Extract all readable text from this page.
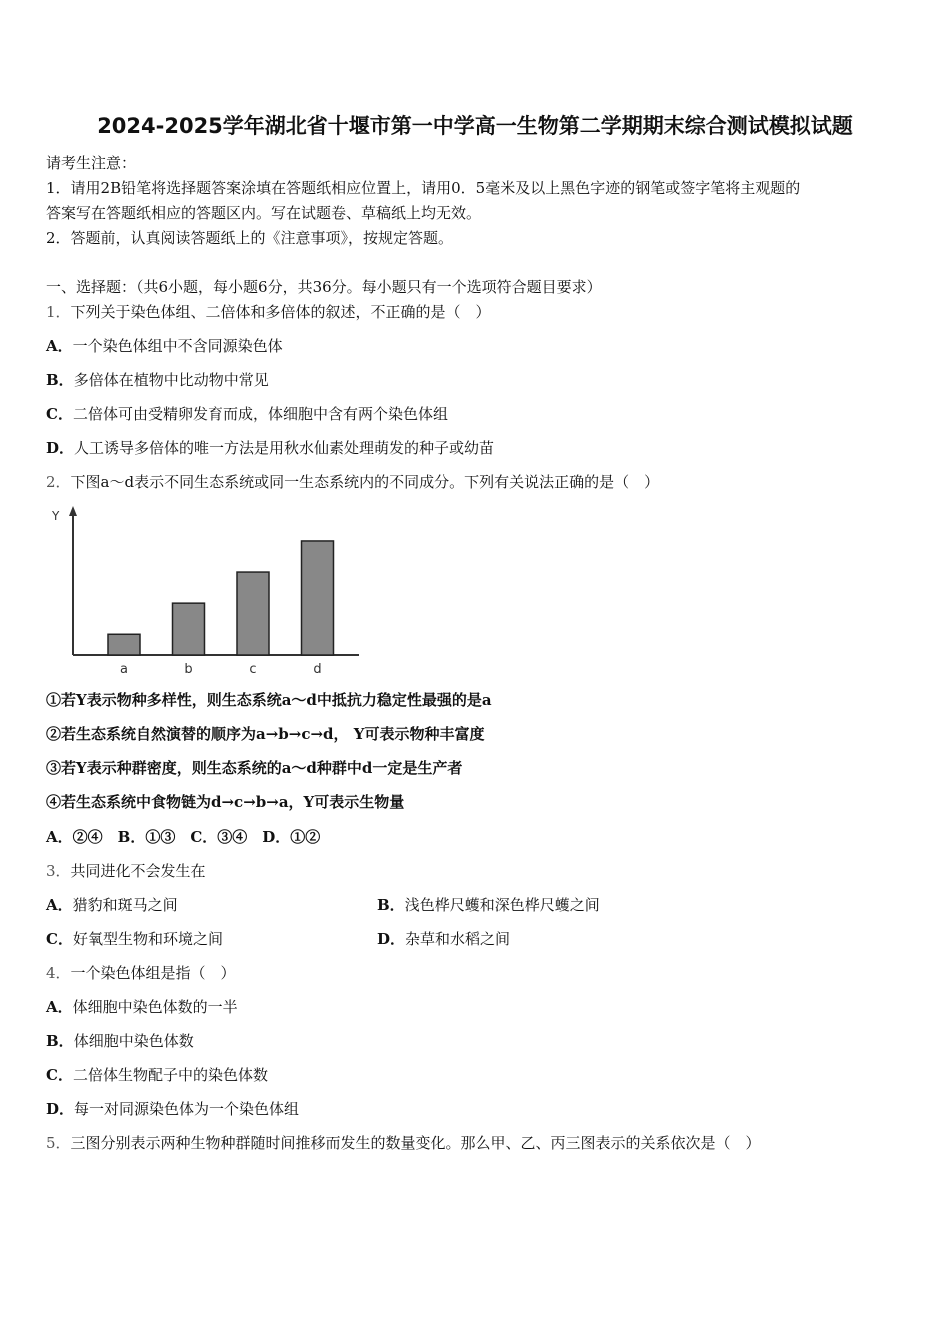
2024-2025学年湖北省十堰市第一中学高一生物第二学期期末综合测试模拟试题
请考生注意：
1．请用2B铅笔将选择题答案涂填在答题纸相应位置上，请用0．5毫米及以上黑色字迹的钢笔或签字笔将主观题的
答案写在答题纸相应的答题区内。写在试题卷、草稿纸上均无效。
2．答题前，认真阅读答题纸上的《注意事项》，按规定答题。
一、选择题：（共6小题，每小题6分，共36分。每小题只有一个选项符合题目要求）
1．下列关于染色体组、二倍体和多倍体的叙述，不正确的是（　）
A．一个染色体组中不含同源染色体
B．多倍体在植物中比动物中常见
C．二倍体可由受精卵发育而成，体细胞中含有两个染色体组
D．人工诱导多倍体的唯一方法是用秋水仙素处理萌发的种子或幼苗
2．下图a～d表示不同生态系统或同一生态系统内的不同成分。下列有关说法正确的是（　）
Y
a	b	c	d
①若Y表示物种多样性，则生态系统a～d中抵抗力稳定性最强的是a
②若生态系统自然演替的顺序为a→b→c→d， Y可表示物种丰富度
③若Y表示种群密度，则生态系统的a～d种群中d一定是生产者
④若生态系统中食物链为d→c→b→a，Y可表示生物量
A．②④　B．①③　C．③④　D．①②
3．共同进化不会发生在
A．猎豹和斑马之间	B．浅色桦尺蠖和深色桦尺蠖之间
C．好氧型生物和环境之间	D．杂草和水稻之间
4．一个染色体组是指（　）
A．体细胞中染色体数的一半
B．体细胞中染色体数
C．二倍体生物配子中的染色体数
D．每一对同源染色体为一个染色体组
5．三图分别表示两种生物种群随时间推移而发生的数量变化。那么甲、乙、丙三图表示的关系依次是（　）
